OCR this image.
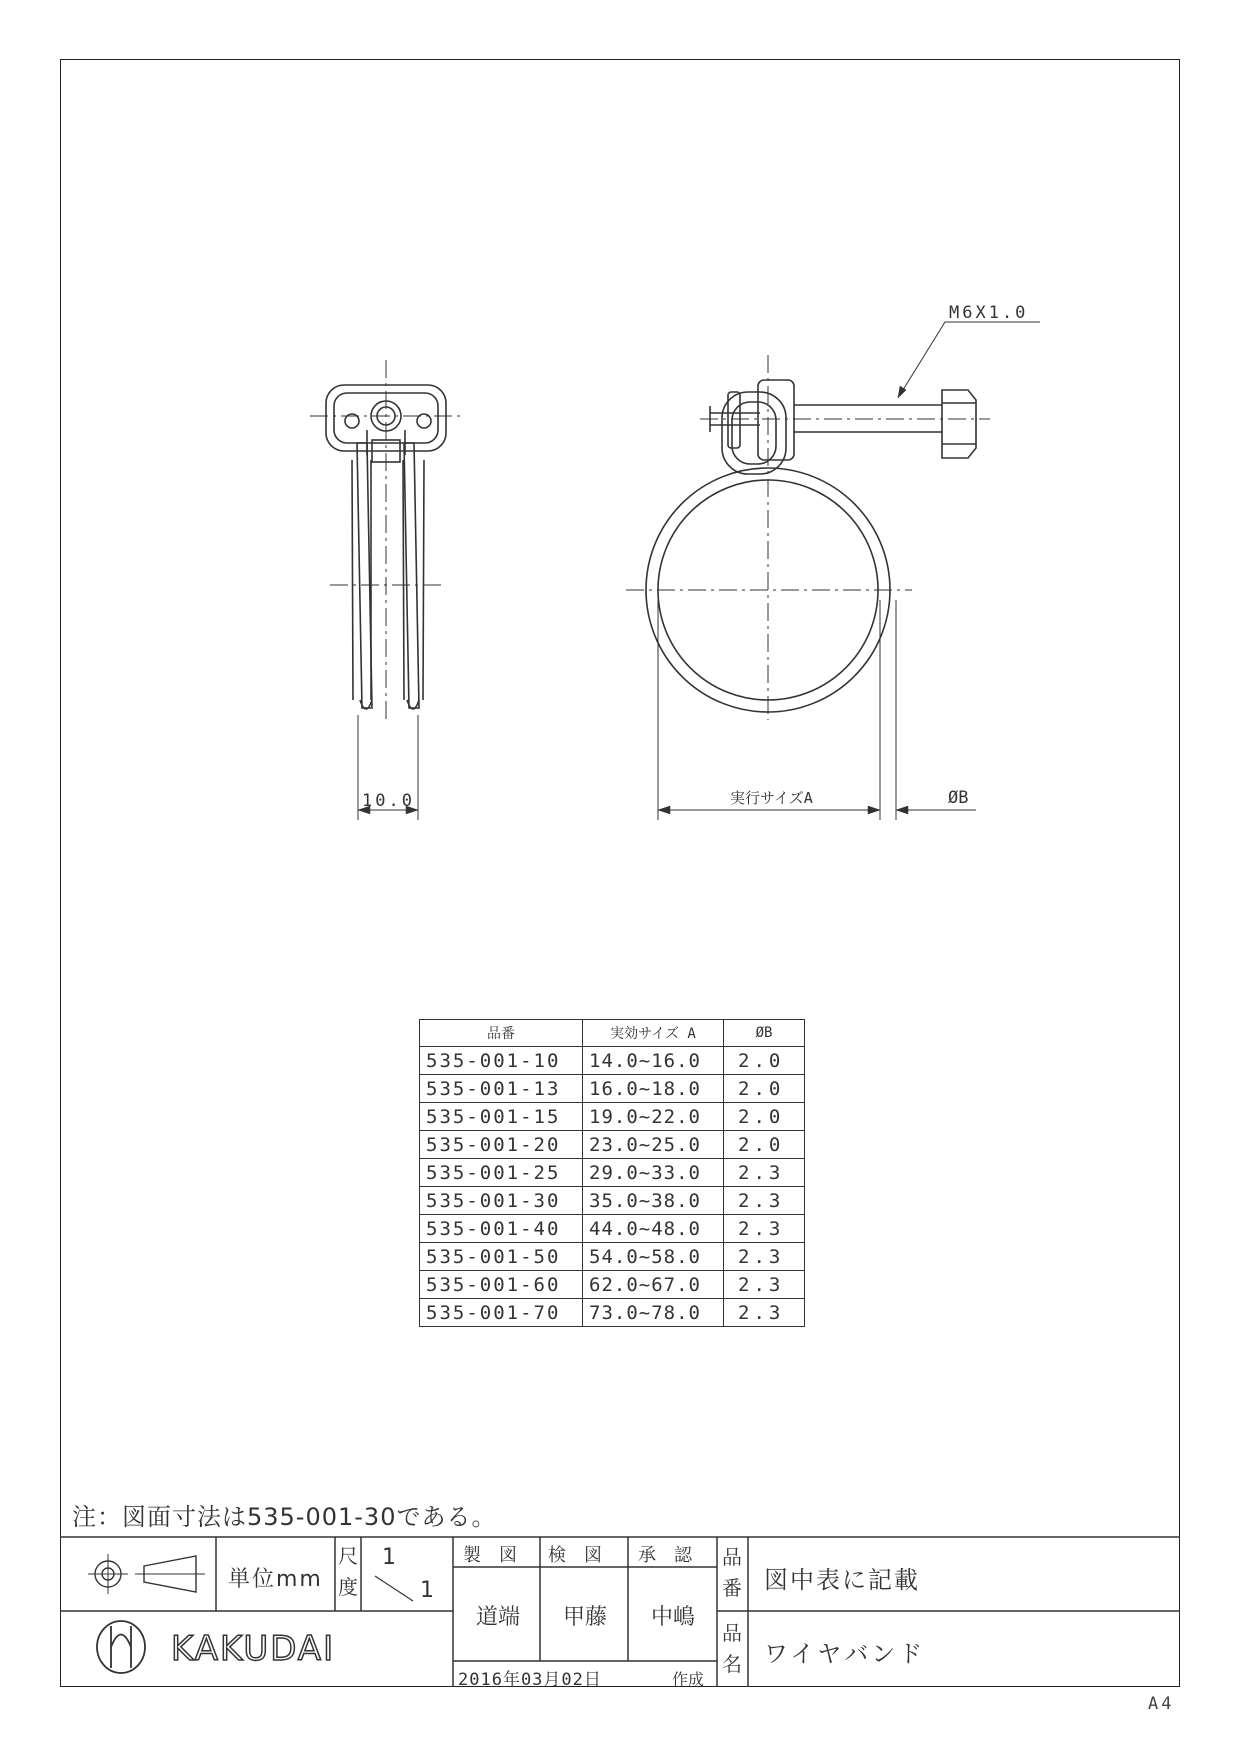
M6X1.0
10.0	実行サイズA	ØB
KAKUDAI
品番	実効サイズ A	ØB
535-001-10	14.0~16.0	2.0
535-001-13	16.0~18.0	2.0
535-001-15	19.0~22.0	2.0
535-001-20	23.0~25.0	2.0
535-001-25	29.0~33.0	2.3
535-001-30	35.0~38.0	2.3
535-001-40	44.0~48.0	2.3
535-001-50	54.0~58.0	2.3
535-001-60	62.0~67.0	2.3
535-001-70	73.0~78.0	2.3
注：図面寸法は535-001-30である。
単位mm
尺
度
1
1
製　図 検　図 承　認
道端 甲藤 中嶋
2016年03月02日	作成
品
番 図中表に記載
品
名 ワイヤバンド
A4
